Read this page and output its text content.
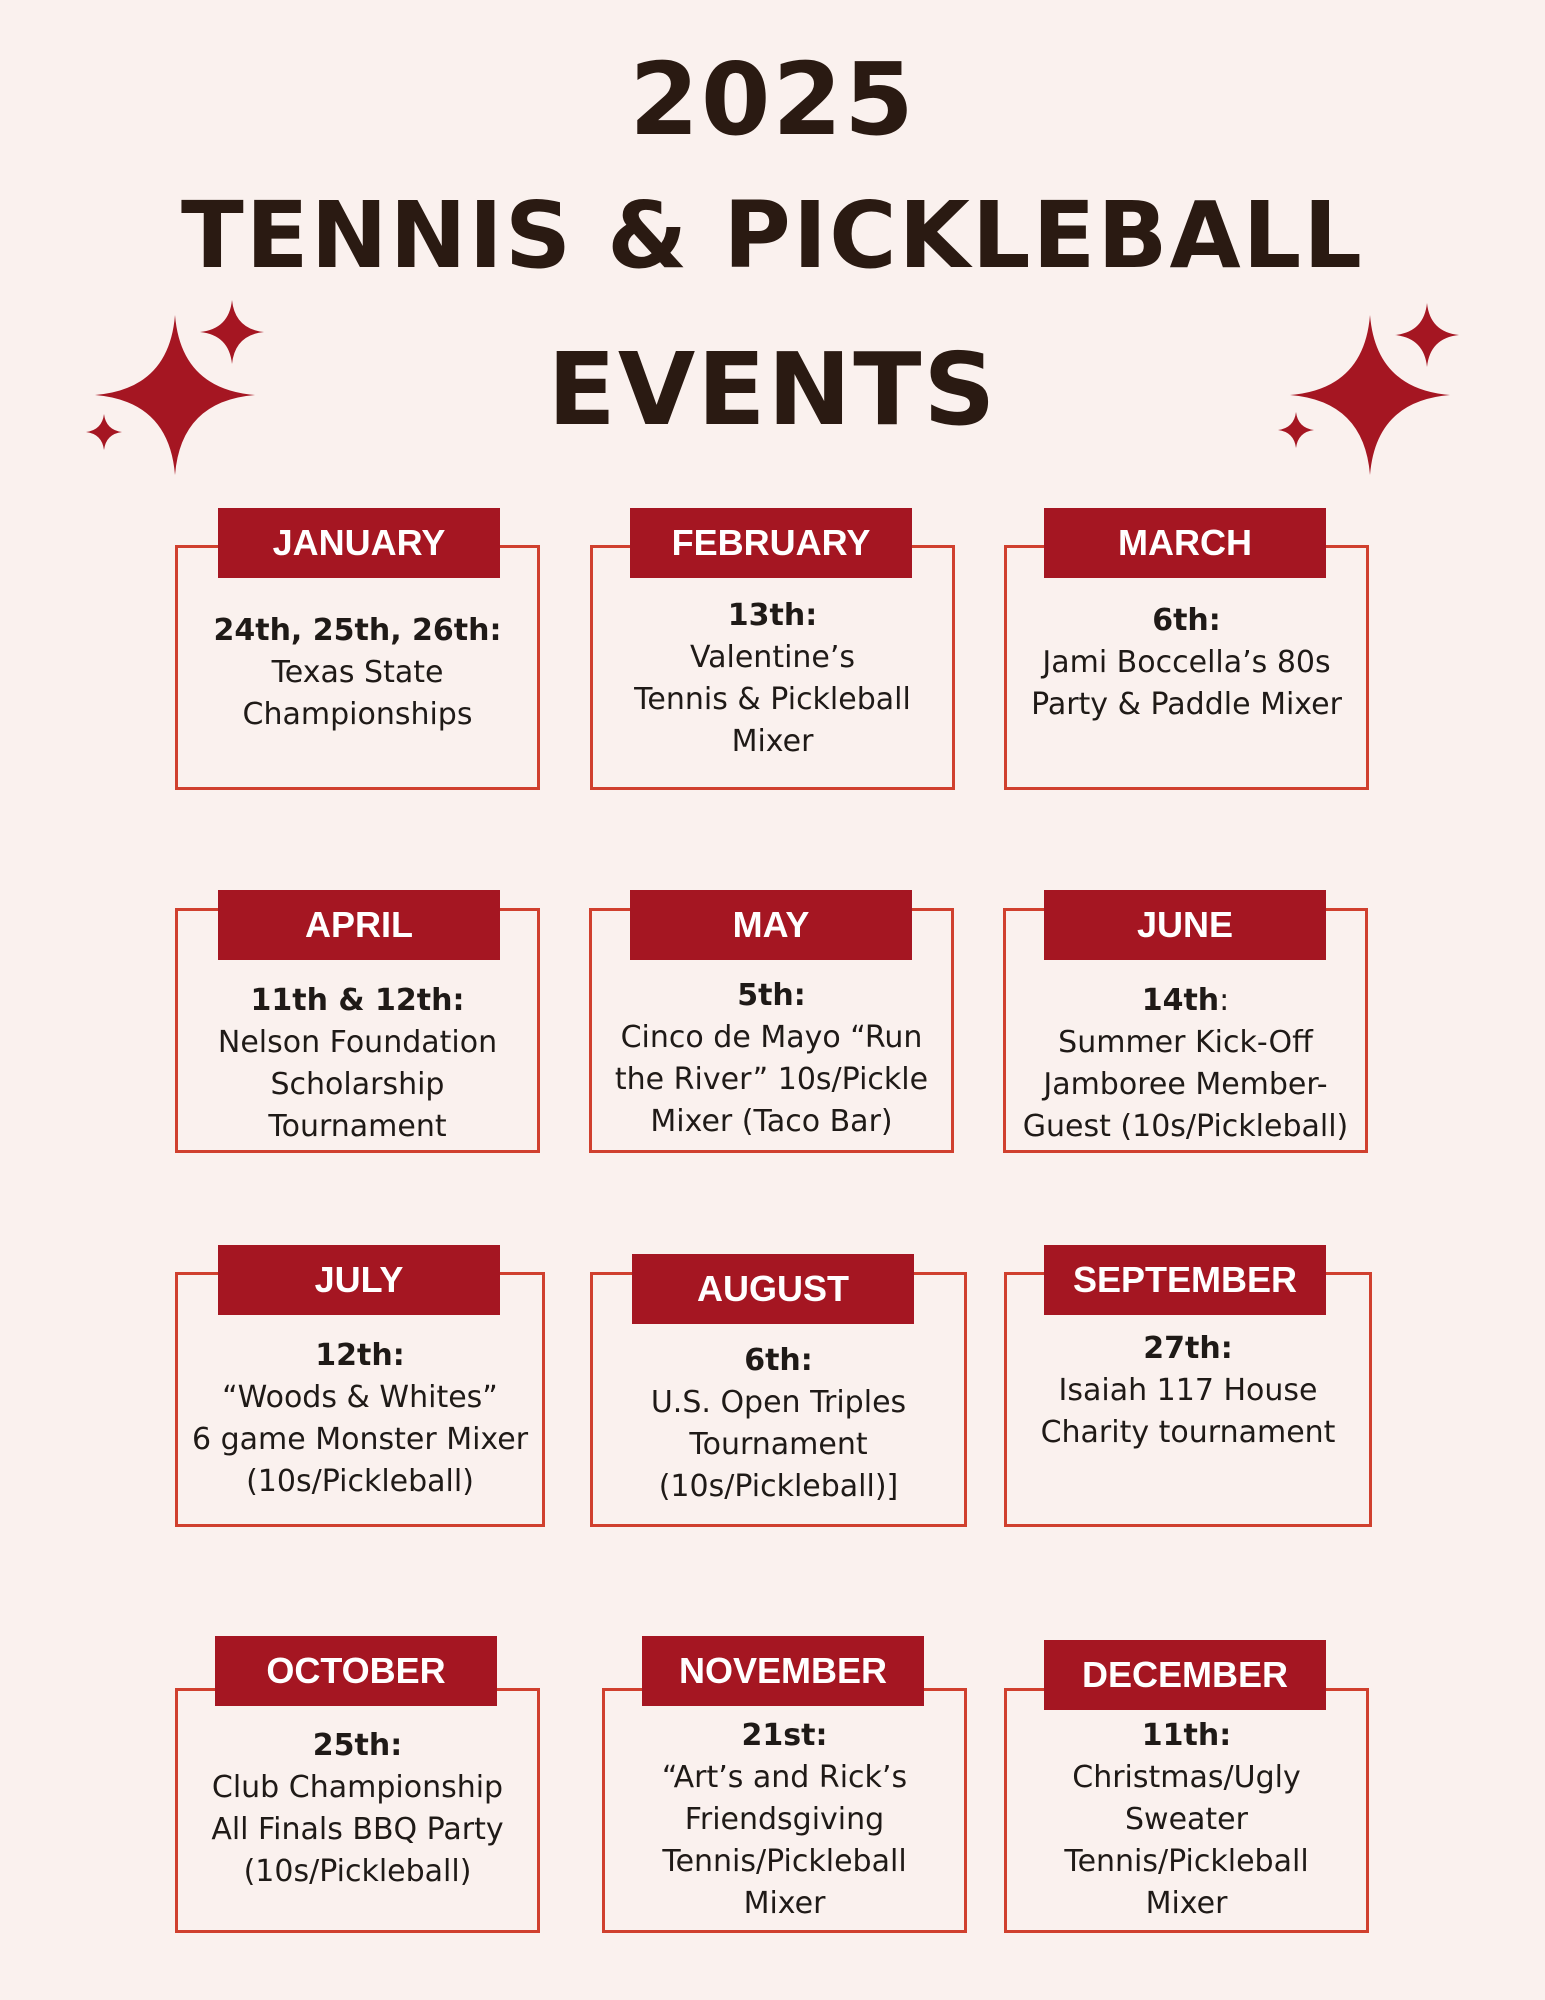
2025
TENNIS & PICKLEBALL
EVENTS
JANUARY
24th, 25th, 26th:
Texas State
Championships
FEBRUARY
13th:
Valentine’s
Tennis & Pickleball
Mixer
MARCH
6th:
Jami Boccella’s 80s
Party & Paddle Mixer
APRIL
11th & 12th:
Nelson Foundation
Scholarship
Tournament
MAY
5th:
Cinco de Mayo “Run
the River” 10s/Pickle
Mixer (Taco Bar)
JUNE
14th:
Summer Kick-Off
Jamboree Member-
Guest (10s/Pickleball)
JULY
12th:
“Woods & Whites”
6 game Monster Mixer
(10s/Pickleball)
AUGUST
6th:
U.S. Open Triples
Tournament
(10s/Pickleball)]
SEPTEMBER
27th:
Isaiah 117 House
Charity tournament
OCTOBER
25th:
Club Championship
All Finals BBQ Party
(10s/Pickleball)
NOVEMBER
21st:
“Art’s and Rick’s
Friendsgiving
Tennis/Pickleball
Mixer
DECEMBER
11th:
Christmas/Ugly
Sweater
Tennis/Pickleball
Mixer
